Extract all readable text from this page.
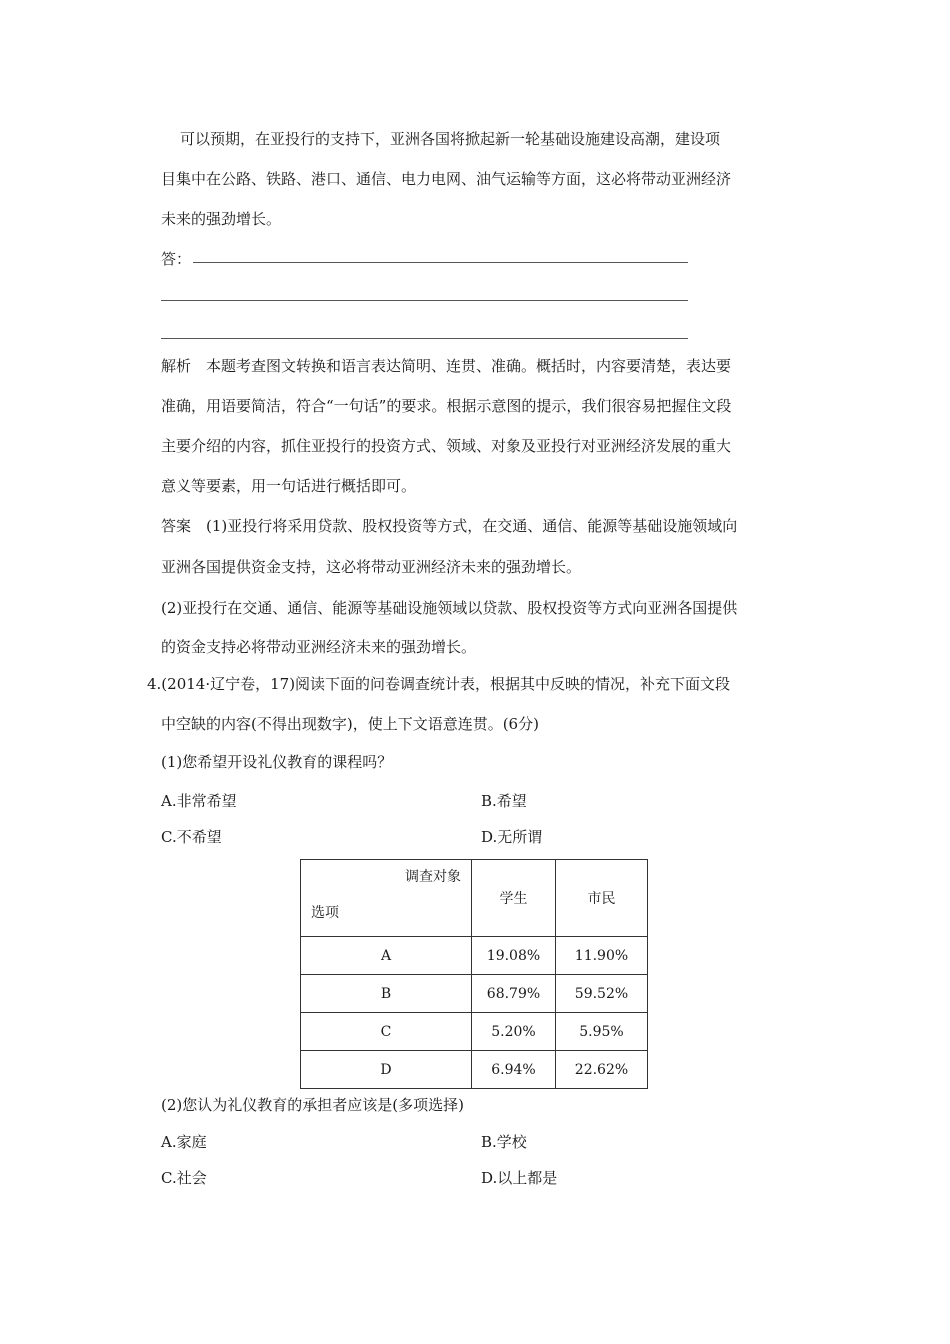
可以预期，在亚投行的支持下，亚洲各国将掀起新一轮基础设施建设高潮，建设项
目集中在公路、铁路、港口、通信、电力电网、油气运输等方面，这必将带动亚洲经济
未来的强劲增长。
答：
解析　本题考查图文转换和语言表达简明、连贯、准确。概括时，内容要清楚，表达要
准确，用语要简洁，符合“一句话”的要求。根据示意图的提示，我们很容易把握住文段
主要介绍的内容，抓住亚投行的投资方式、领域、对象及亚投行对亚洲经济发展的重大
意义等要素，用一句话进行概括即可。
答案　(1)亚投行将采用贷款、股权投资等方式，在交通、通信、能源等基础设施领域向
亚洲各国提供资金支持，这必将带动亚洲经济未来的强劲增长。
(2)亚投行在交通、通信、能源等基础设施领域以贷款、股权投资等方式向亚洲各国提供
的资金支持必将带动亚洲经济未来的强劲增长。
4.(2014·辽宁卷，17)阅读下面的问卷调查统计表，根据其中反映的情况，补充下面文段
中空缺的内容(不得出现数字)，使上下文语意连贯。(6分)
(1)您希望开设礼仪教育的课程吗？
A.非常希望	B.希望
C.不希望	D.无所谓
调查对象
选项	学生	市民
A	19.08%	11.90%
B	68.79%	59.52%
C	5.20%	5.95%
D	6.94%	22.62%
(2)您认为礼仪教育的承担者应该是(多项选择)
A.家庭	B.学校
C.社会	D.以上都是
